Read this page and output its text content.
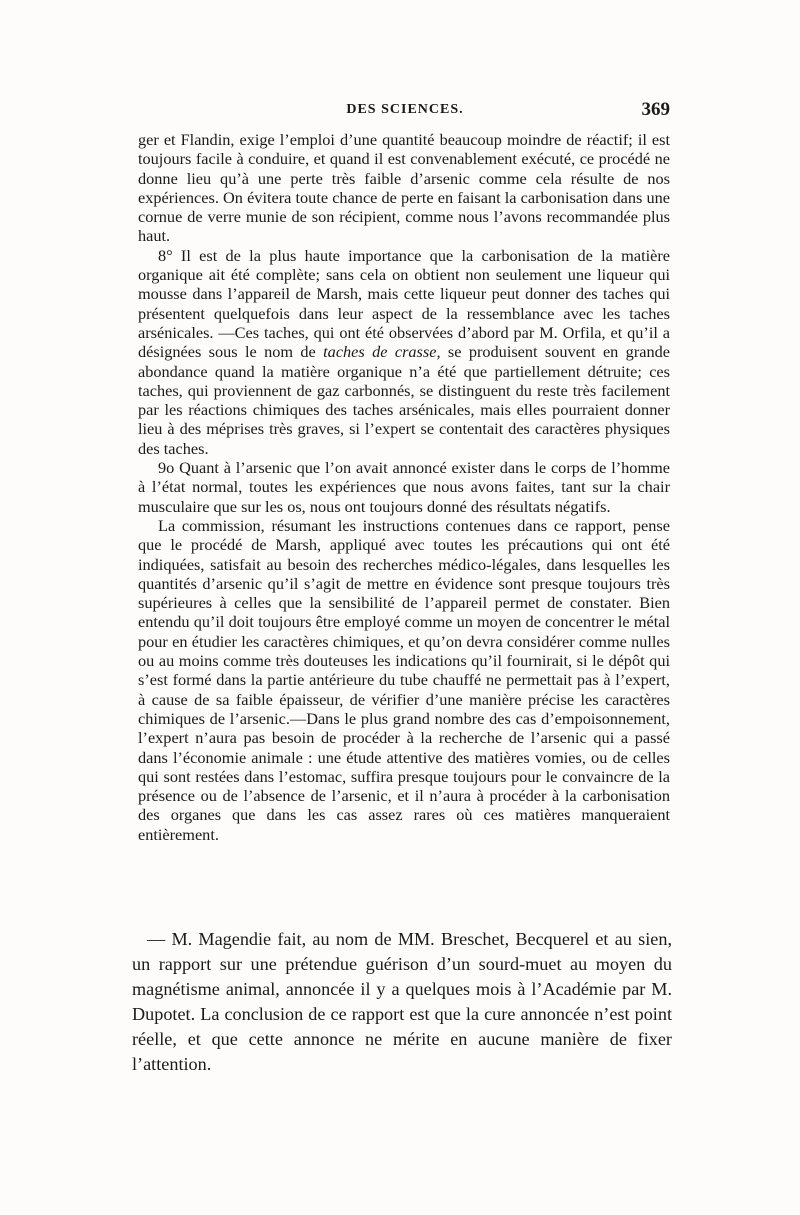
DES SCIENCES.	369

ger et Flandin, exige l’emploi d’une quantité beaucoup moindre de réactif; il est toujours facile à conduire, et quand il est convenablement exécuté, ce procédé ne donne lieu qu’à une perte très faible d’arsenic comme cela résulte de nos expériences. On évitera toute chance de perte en faisant la carbonisation dans une cornue de verre munie de son récipient, comme nous l’avons recommandée plus haut.

8° Il est de la plus haute importance que la carbonisation de la matière organique ait été complète; sans cela on obtient non seulement une liqueur qui mousse dans l’appareil de Marsh, mais cette liqueur peut donner des taches qui présentent quelquefois dans leur aspect de la ressemblance avec les taches arsénicales. —Ces taches, qui ont été observées d’abord par M. Orfila, et qu’il a désignées sous le nom de taches de crasse, se produisent souvent en grande abondance quand la matière organique n’a été que partiellement détruite; ces taches, qui proviennent de gaz carbonnés, se distinguent du reste très facilement par les réactions chimiques des taches arsénicales, mais elles pourraient donner lieu à des méprises très graves, si l’expert se contentait des caractères physiques des taches.

9o Quant à l’arsenic que l’on avait annoncé exister dans le corps de l’homme à l’état normal, toutes les expériences que nous avons faites, tant sur la chair musculaire que sur les os, nous ont toujours donné des résultats négatifs.

La commission, résumant les instructions contenues dans ce rapport, pense que le procédé de Marsh, appliqué avec toutes les précautions qui ont été indiquées, satisfait au besoin des recherches médico-légales, dans lesquelles les quantités d’arsenic qu’il s’agit de mettre en évidence sont presque toujours très supérieures à celles que la sensibilité de l’appareil permet de constater. Bien entendu qu’il doit toujours être employé comme un moyen de concentrer le métal pour en étudier les caractères chimiques, et qu’on devra considérer comme nulles ou au moins comme très douteuses les indications qu’il fournirait, si le dépôt qui s’est formé dans la partie antérieure du tube chauffé ne permettait pas à l’expert, à cause de sa faible épaisseur, de vérifier d’une manière précise les caractères chimiques de l’arsenic.—Dans le plus grand nombre des cas d’empoisonnement, l’expert n’aura pas besoin de procéder à la recherche de l’arsenic qui a passé dans l’économie animale : une étude attentive des matières vomies, ou de celles qui sont restées dans l’estomac, suffira presque toujours pour le convaincre de la présence ou de l’absence de l’arsenic, et il n’aura à procéder à la carbonisation des organes que dans les cas assez rares où ces matières manqueraient entièrement.

— M. Magendie fait, au nom de MM. Breschet, Becquerel et au sien, un rapport sur une prétendue guérison d’un sourd-muet au moyen du magnétisme animal, annoncée il y a quelques mois à l’Académie par M. Dupotet. La conclusion de ce rapport est que la cure annoncée n’est point réelle, et que cette annonce ne mérite en aucune manière de fixer l’attention.
